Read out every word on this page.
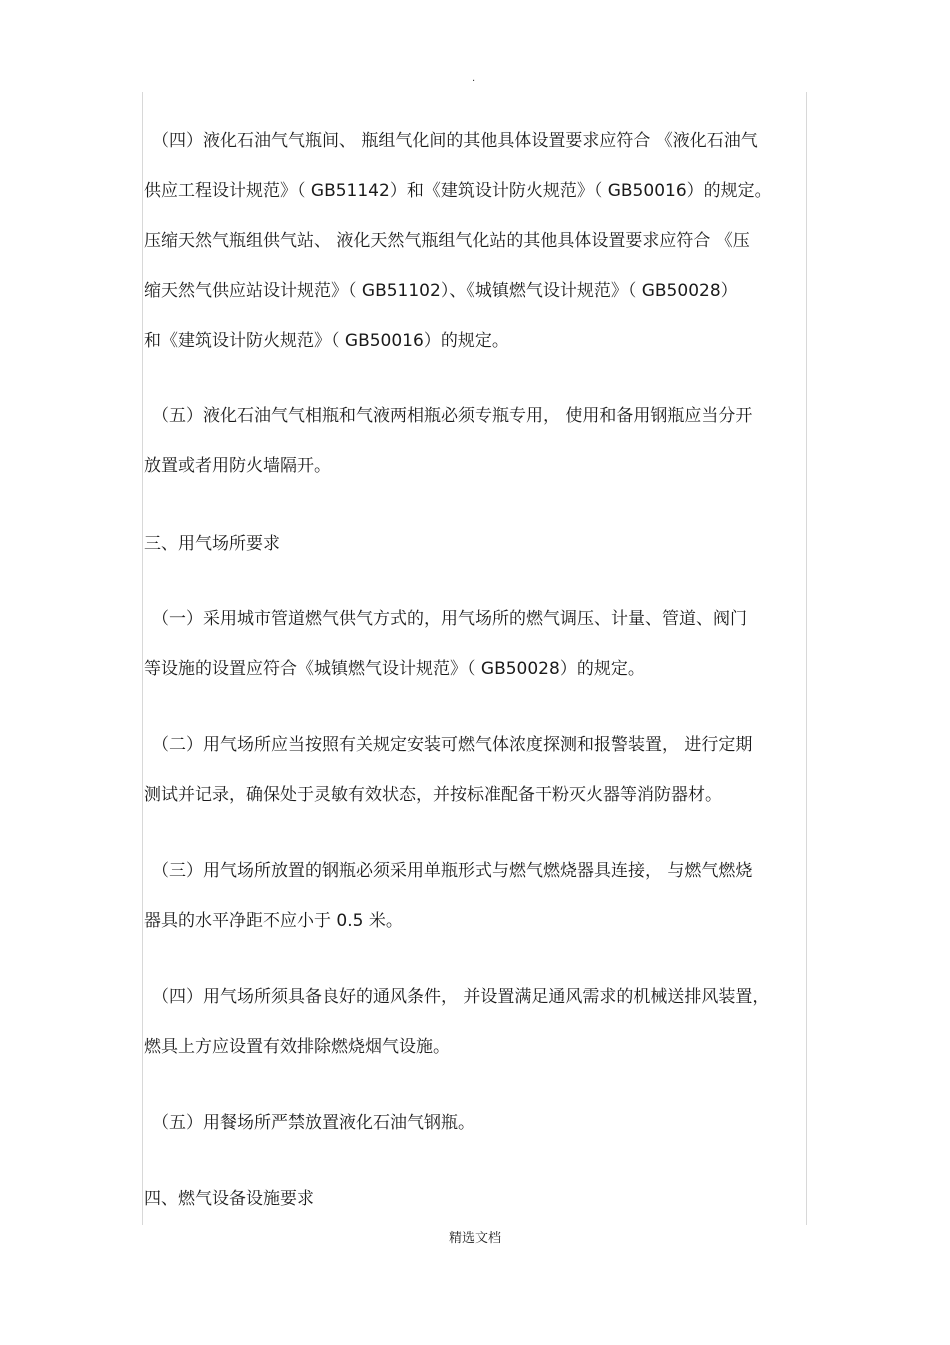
.
（四）液化石油气气瓶间、 瓶组气化间的其他具体设置要求应符合 《液化石油气
供应工程设计规范》（ GB51142）和《建筑设计防火规范》（ GB50016）的规定。
压缩天然气瓶组供气站、 液化天然气瓶组气化站的其他具体设置要求应符合 《压
缩天然气供应站设计规范》（ GB51102）、《城镇燃气设计规范》（ GB50028）
和《建筑设计防火规范》（ GB50016）的规定。
（五）液化石油气气相瓶和气液两相瓶必须专瓶专用， 使用和备用钢瓶应当分开
放置或者用防火墙隔开。
三、用气场所要求
（一）采用城市管道燃气供气方式的，用气场所的燃气调压、计量、管道、阀门
等设施的设置应符合《城镇燃气设计规范》（ GB50028）的规定。
（二）用气场所应当按照有关规定安装可燃气体浓度探测和报警装置， 进行定期
测试并记录，确保处于灵敏有效状态，并按标准配备干粉灭火器等消防器材。
（三）用气场所放置的钢瓶必须采用单瓶形式与燃气燃烧器具连接， 与燃气燃烧
器具的水平净距不应小于 0.5 米。
（四）用气场所须具备良好的通风条件， 并设置满足通风需求的机械送排风装置，
燃具上方应设置有效排除燃烧烟气设施。
（五）用餐场所严禁放置液化石油气钢瓶。
四、燃气设备设施要求
精选文档
